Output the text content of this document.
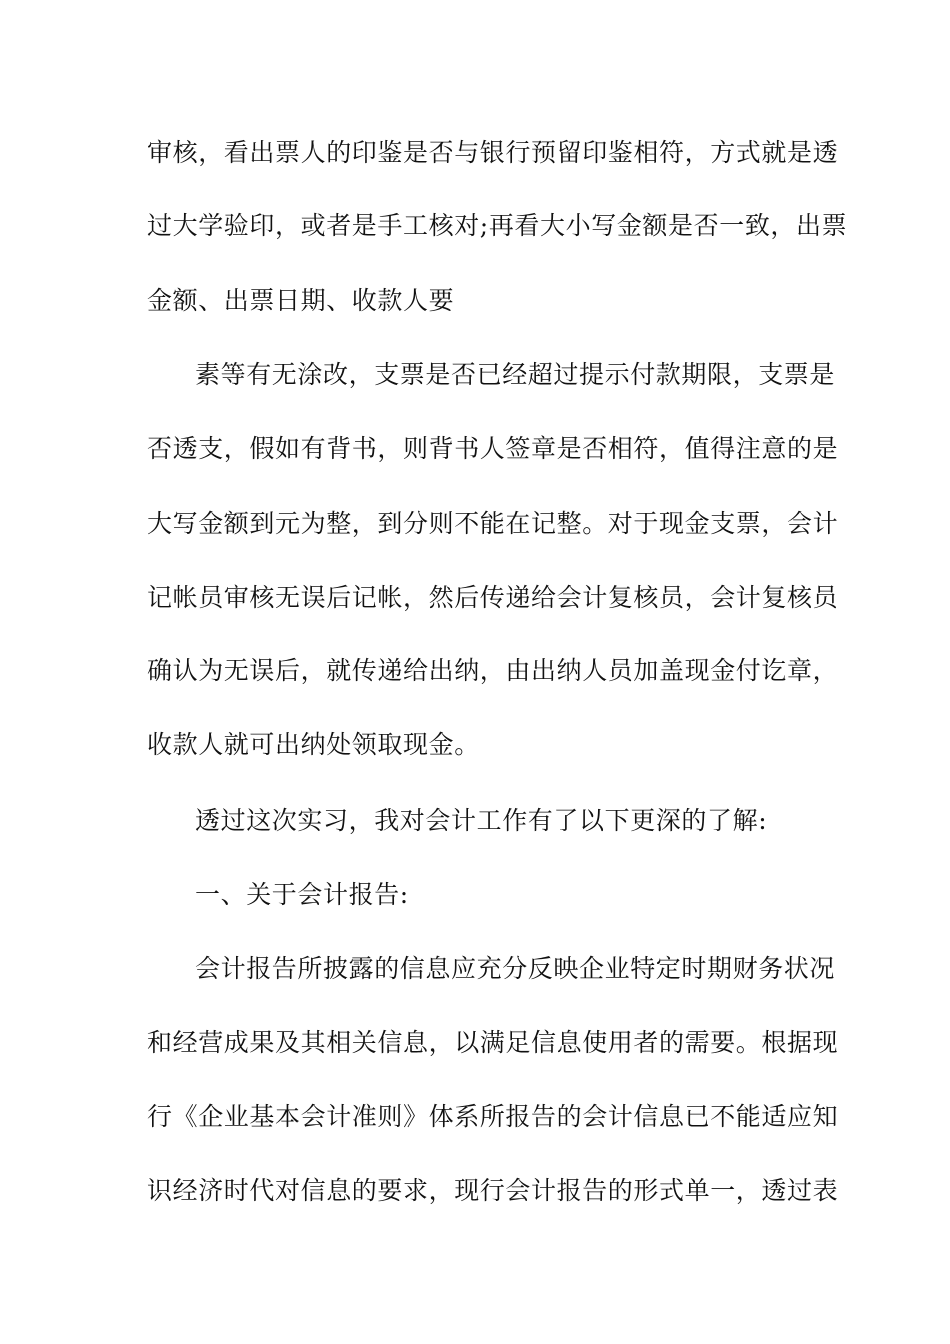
审核，看出票人的印鉴是否与银行预留印鉴相符，方式就是透
过大学验印，或者是手工核对;再看大小写金额是否一致，出票
金额、出票日期、收款人要
素等有无涂改，支票是否已经超过提示付款期限，支票是
否透支，假如有背书，则背书人签章是否相符，值得注意的是
大写金额到元为整，到分则不能在记整。对于现金支票，会计
记帐员审核无误后记帐，然后传递给会计复核员，会计复核员
确认为无误后，就传递给出纳，由出纳人员加盖现金付讫章，
收款人就可出纳处领取现金。
透过这次实习，我对会计工作有了以下更深的了解:
一、关于会计报告:
会计报告所披露的信息应充分反映企业特定时期财务状况
和经营成果及其相关信息，以满足信息使用者的需要。根据现
行《企业基本会计准则》体系所报告的会计信息已不能适应知
识经济时代对信息的要求，现行会计报告的形式单一，透过表
